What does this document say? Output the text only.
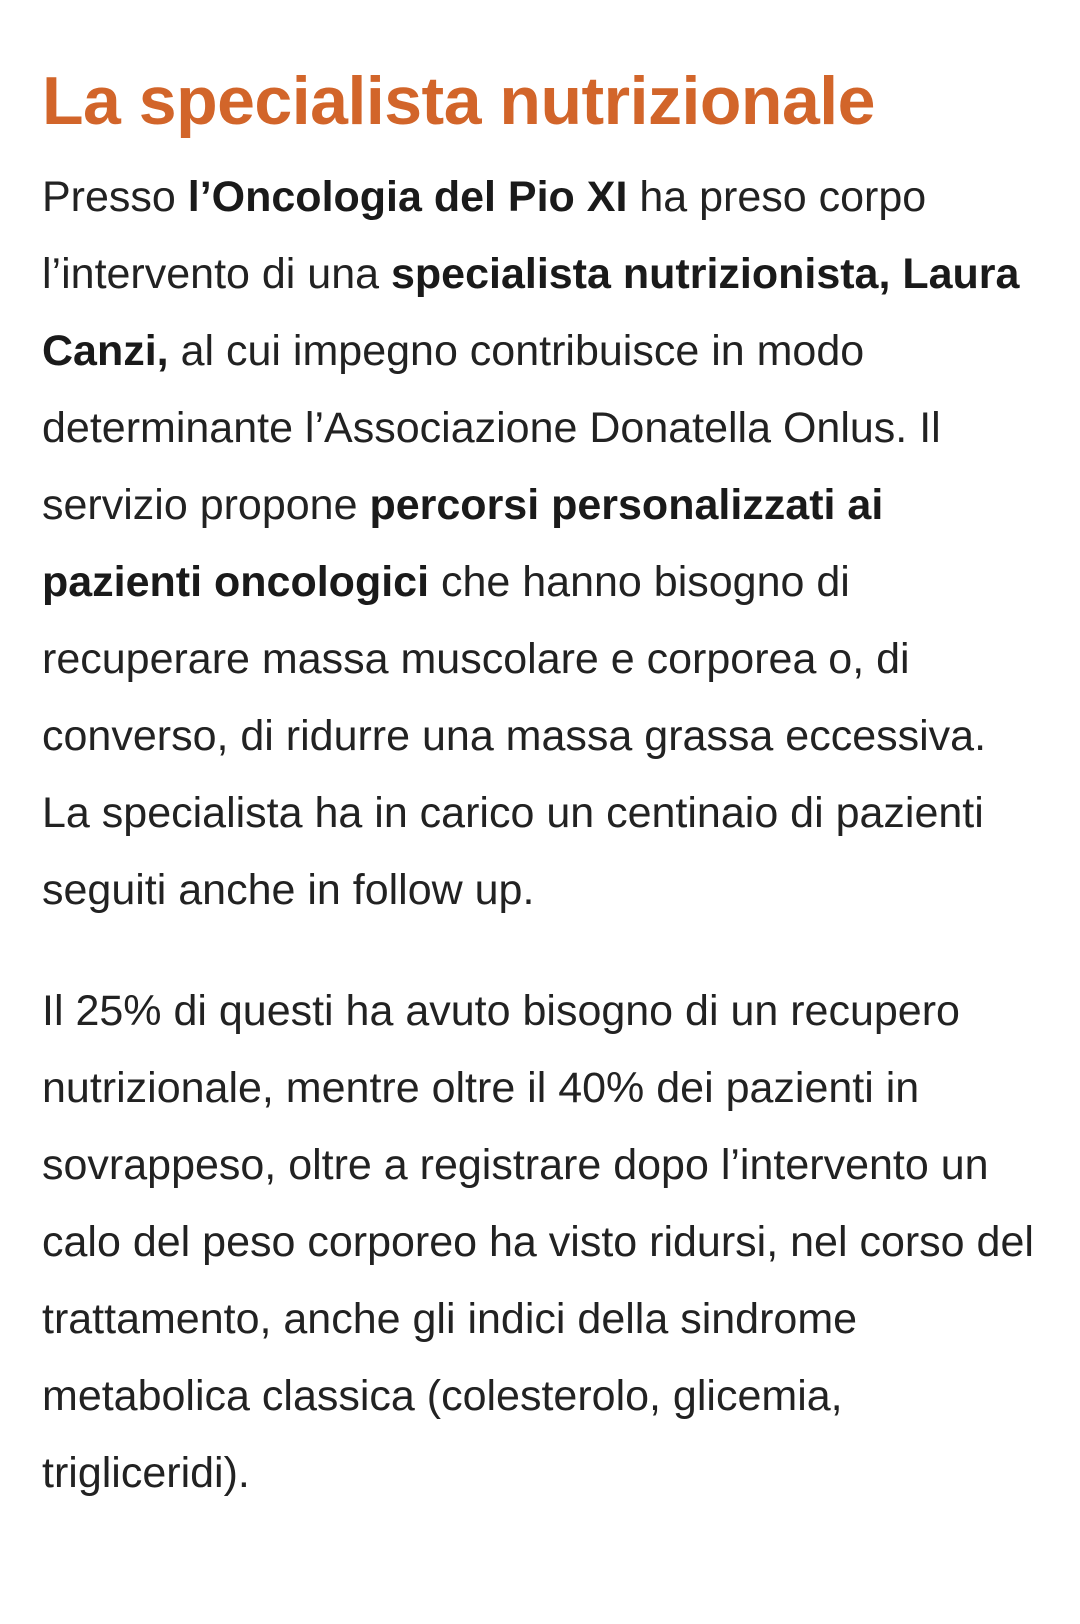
La specialista nutrizionale

Presso l’Oncologia del Pio XI ha preso corpo l’intervento di una specialista nutrizionista, Laura Canzi, al cui impegno contribuisce in modo determinante l’Associazione Donatella Onlus. Il servizio propone percorsi personalizzati ai pazienti oncologici che hanno bisogno di recuperare massa muscolare e corporea o, di converso, di ridurre una massa grassa eccessiva. La specialista ha in carico un centinaio di pazienti seguiti anche in follow up.

Il 25% di questi ha avuto bisogno di un recupero nutrizionale, mentre oltre il 40% dei pazienti in sovrappeso, oltre a registrare dopo l’intervento un calo del peso corporeo ha visto ridursi, nel corso del trattamento, anche gli indici della sindrome metabolica classica (colesterolo, glicemia, trigliceridi).
